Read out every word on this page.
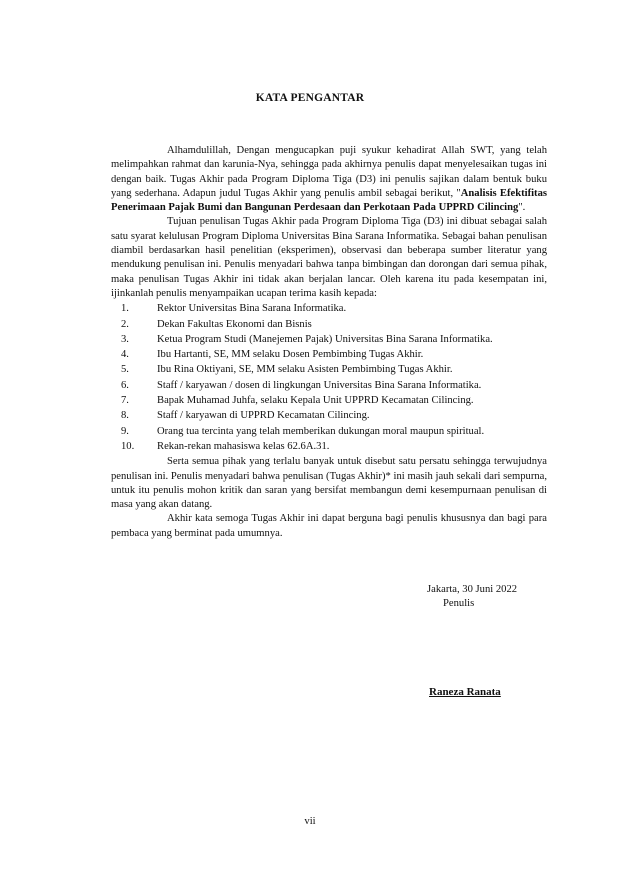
KATA PENGANTAR

Alhamdulillah, Dengan mengucapkan puji syukur kehadirat Allah SWT, yang telah melimpahkan rahmat dan karunia-Nya, sehingga pada akhirnya penulis dapat menyelesaikan tugas ini dengan baik. Tugas Akhir pada Program Diploma Tiga (D3) ini penulis sajikan dalam bentuk buku yang sederhana. Adapun judul Tugas Akhir yang penulis ambil sebagai berikut, "Analisis Efektifitas Penerimaan Pajak Bumi dan Bangunan Perdesaan dan Perkotaan Pada UPPRD Cilincing".

Tujuan penulisan Tugas Akhir pada Program Diploma Tiga (D3) ini dibuat sebagai salah satu syarat kelulusan Program Diploma Universitas Bina Sarana Informatika. Sebagai bahan penulisan diambil berdasarkan hasil penelitian (eksperimen), observasi dan beberapa sumber literatur yang mendukung penulisan ini. Penulis menyadari bahwa tanpa bimbingan dan dorongan dari semua pihak, maka penulisan Tugas Akhir ini tidak akan berjalan lancar. Oleh karena itu pada kesempatan ini, ijinkanlah penulis menyampaikan ucapan terima kasih kepada:

1.	Rektor Universitas Bina Sarana Informatika.
2.	Dekan Fakultas Ekonomi dan Bisnis
3.	Ketua Program Studi (Manejemen Pajak) Universitas Bina Sarana Informatika.
4.	Ibu Hartanti, SE, MM selaku Dosen Pembimbing Tugas Akhir.
5.	Ibu Rina Oktiyani, SE, MM selaku Asisten Pembimbing Tugas Akhir.
6.	Staff / karyawan / dosen di lingkungan Universitas Bina Sarana Informatika.
7.	Bapak Muhamad Juhfa, selaku Kepala Unit UPPRD Kecamatan Cilincing.
8.	Staff / karyawan di UPPRD Kecamatan Cilincing.
9.	Orang tua tercinta yang telah memberikan dukungan moral maupun spiritual.
10.	Rekan-rekan mahasiswa kelas 62.6A.31.

Serta semua pihak yang terlalu banyak untuk disebut satu persatu sehingga terwujudnya penulisan ini. Penulis menyadari bahwa penulisan (Tugas Akhir)* ini masih jauh sekali dari sempurna, untuk itu penulis mohon kritik dan saran yang bersifat membangun demi kesempurnaan penulisan di masa yang akan datang.

Akhir kata semoga Tugas Akhir ini dapat berguna bagi penulis khususnya dan bagi para pembaca yang berminat pada umumnya.

Jakarta, 30 Juni 2022
Penulis
Raneza Ranata
vii
